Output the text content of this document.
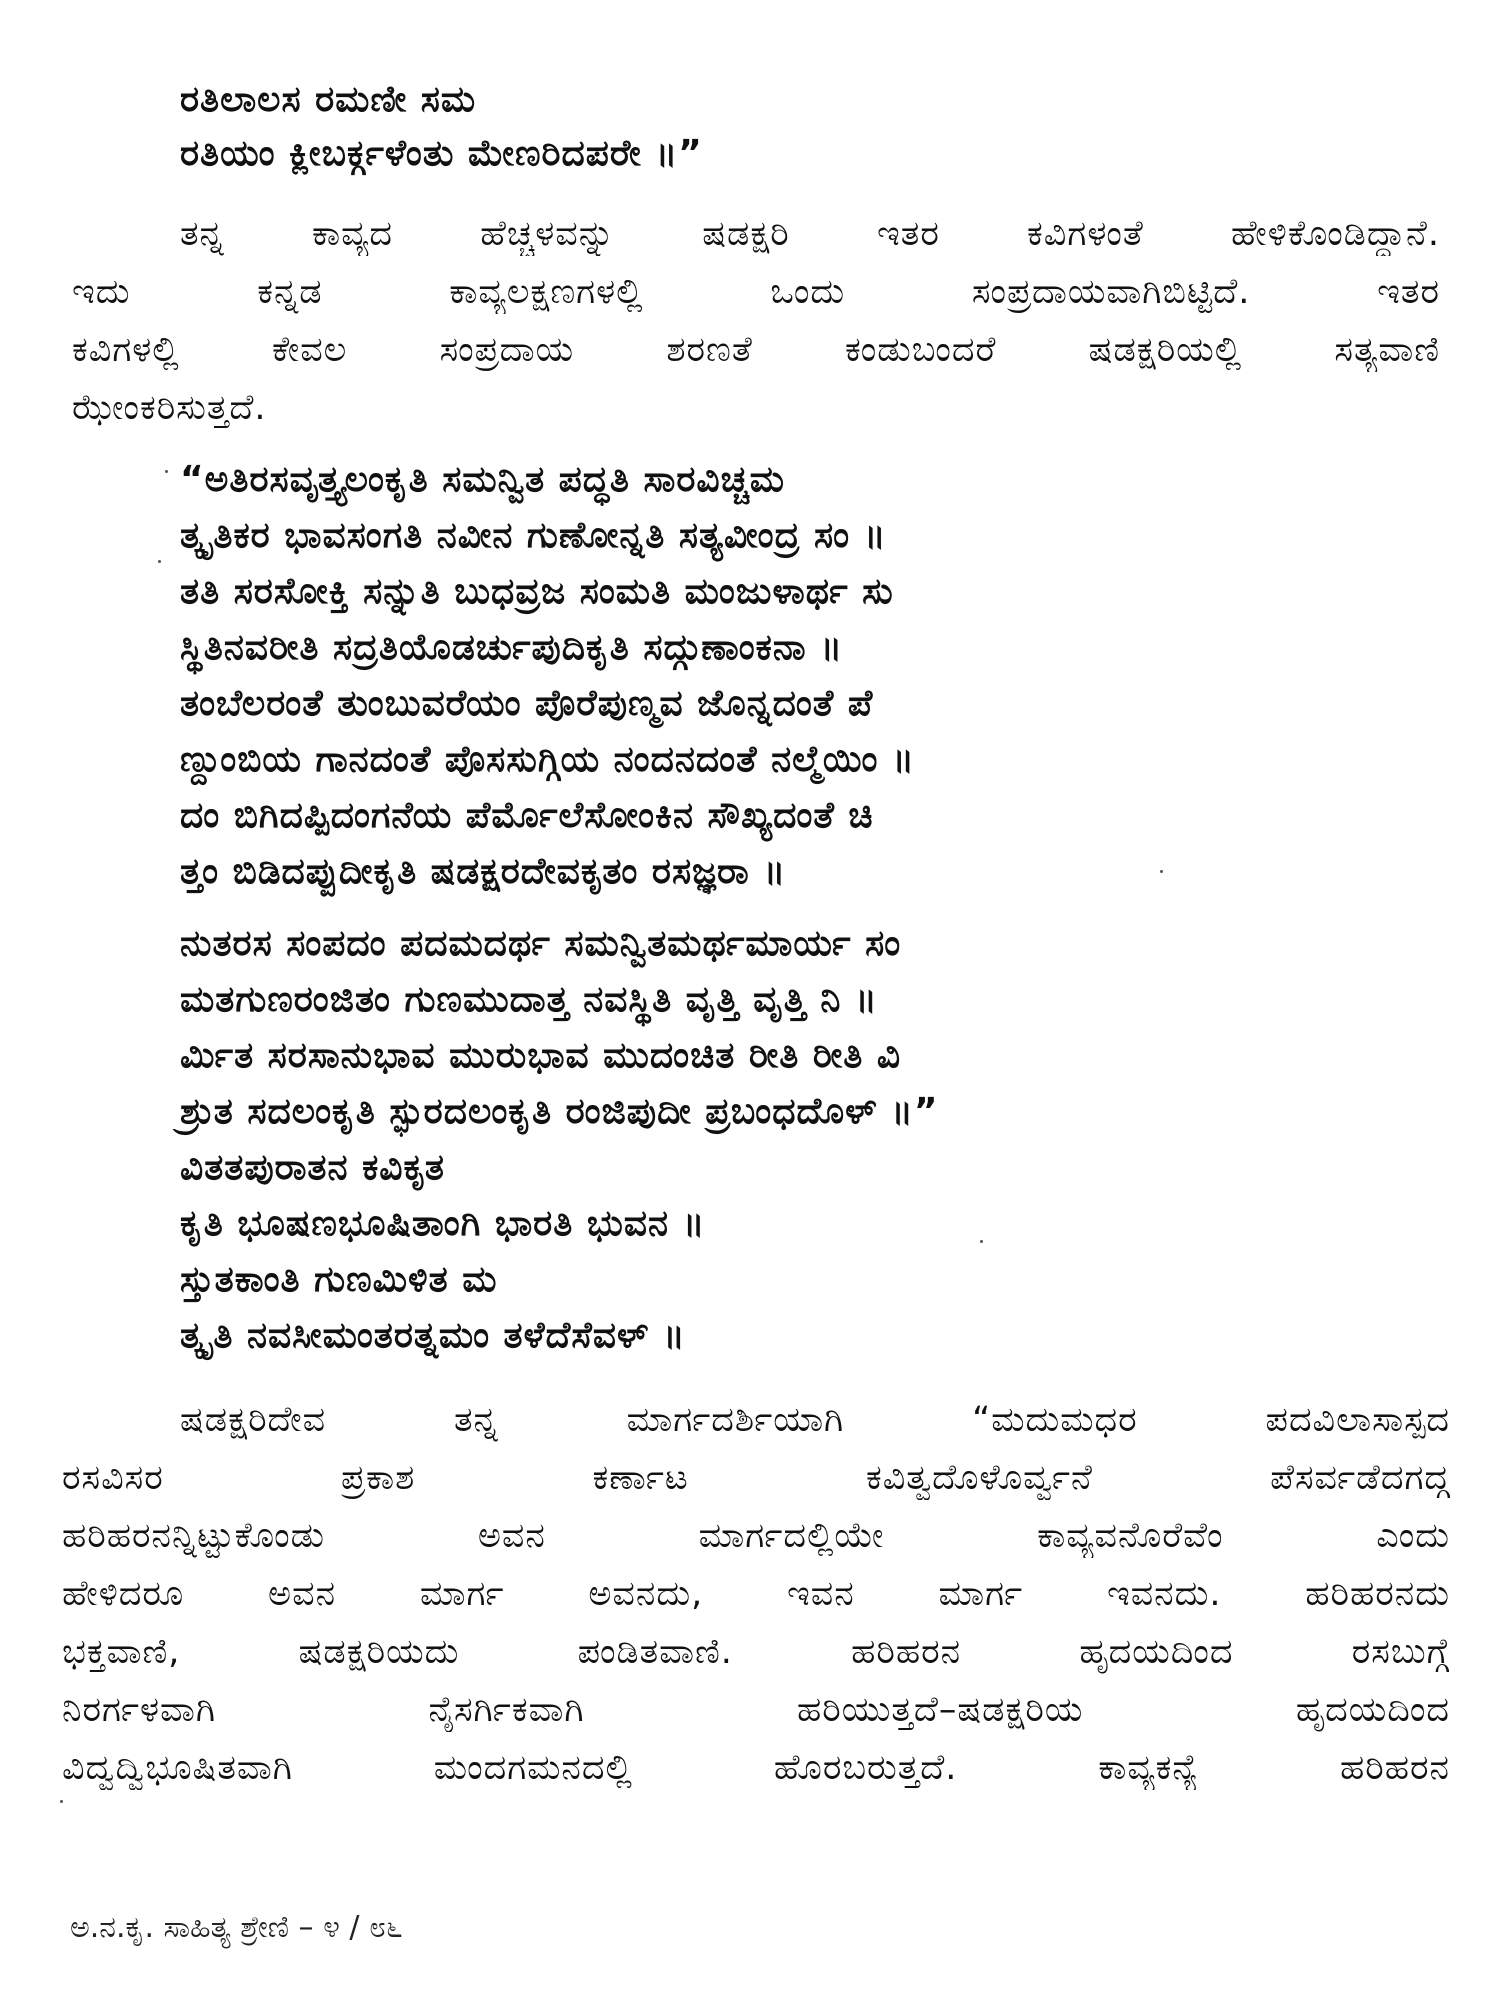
ರತಿಲಾಲಸ ರಮಣೀ ಸಮ
ರತಿಯಂ ಕ್ಲೀಬರ್ಕ್ಗಳೆಂತು ಮೇಣರಿದಪರೇ ॥”
ತನ್ನ ಕಾವ್ಯದ ಹೆಚ್ಚಳವನ್ನು ಷಡಕ್ಷರಿ ಇತರ ಕವಿಗಳಂತೆ ಹೇಳಿಕೊಂಡಿದ್ದಾನೆ.
ಇದು ಕನ್ನಡ ಕಾವ್ಯಲಕ್ಷಣಗಳಲ್ಲಿ ಒಂದು ಸಂಪ್ರದಾಯವಾಗಿಬಿಟ್ಟಿದೆ. ಇತರ
ಕವಿಗಳಲ್ಲಿ ಕೇವಲ ಸಂಪ್ರದಾಯ ಶರಣತೆ ಕಂಡುಬಂದರೆ ಷಡಕ್ಷರಿಯಲ್ಲಿ ಸತ್ಯವಾಣಿ
ಝೇಂಕರಿಸುತ್ತದೆ.
“ಅತಿರಸವೃತ್ತ್ಯಲಂಕೃತಿ ಸಮನ್ವಿತ ಪದ್ಧತಿ ಸಾರವಿಚ್ಚಮ
ತ್ಕೃತಿಕರ ಭಾವಸಂಗತಿ ನವೀನ ಗುಣೋನ್ನತಿ ಸತ್ಯವೀಂದ್ರ ಸಂ ॥
ತತಿ ಸರಸೋಕ್ತಿ ಸನ್ನುತಿ ಬುಧವ್ರಜ ಸಂಮತಿ ಮಂಜುಳಾರ್ಥ ಸು
ಸ್ಥಿತಿನವರೀತಿ ಸದ್ರತಿಯೊಡರ್ಚುಪುದಿಕೃತಿ ಸದ್ಗುಣಾಂಕನಾ ॥
ತಂಬೆಲರಂತೆ ತುಂಬುವರೆಯಂ ಪೊರೆಪುಣ್ಮವ ಜೊನ್ನದಂತೆ ಪೆ
ಣ್ದುಂಬಿಯ ಗಾನದಂತೆ ಪೊಸಸುಗ್ಗಿಯ ನಂದನದಂತೆ ನಲ್ಮೆಯಿಂ ॥
ದಂ ಬಿಗಿದಪ್ಪಿದಂಗನೆಯ ಪೆರ್ಮೊಲೆಸೋಂಕಿನ ಸೌಖ್ಯದಂತೆ ಚಿ
ತ್ತಂ ಬಿಡಿದಪ್ಪುದೀಕೃತಿ ಷಡಕ್ಷರದೇವಕೃತಂ ರಸಜ್ಞರಾ ॥
ನುತರಸ ಸಂಪದಂ ಪದಮದರ್ಥ ಸಮನ್ವಿತಮರ್ಥಮಾರ್ಯ ಸಂ
ಮತಗುಣರಂಜಿತಂ ಗುಣಮುದಾತ್ತ ನವಸ್ಥಿತಿ ವೃತ್ತಿ ವೃತ್ತಿ ನಿ ॥
ರ್ಮಿತ ಸರಸಾನುಭಾವ ಮುರುಭಾವ ಮುದಂಚಿತ ರೀತಿ ರೀತಿ ವಿ
ಶ್ರುತ ಸದಲಂಕೃತಿ ಸ್ಫುರದಲಂಕೃತಿ ರಂಜಿಪುದೀ ಪ್ರಬಂಧದೊಳ್ ॥”
ವಿತತಪುರಾತನ ಕವಿಕೃತ
ಕೃತಿ ಭೂಷಣಭೂಷಿತಾಂಗಿ ಭಾರತಿ ಭುವನ ॥
ಸ್ತುತಕಾಂತಿ ಗುಣಮಿಳಿತ ಮ
ತ್ಕೃತಿ ನವಸೀಮಂತರತ್ನಮಂ ತಳೆದೆಸೆವಳ್ ॥
ಷಡಕ್ಷರಿದೇವ ತನ್ನ ಮಾರ್ಗದರ್ಶಿಯಾಗಿ “ಮದುಮಧರ ಪದವಿಲಾಸಾಸ್ಪದ
ರಸವಿಸರ ಪ್ರಕಾಶ ಕರ್ಣಾಟ ಕವಿತ್ವದೊಳೊರ್ವ್ವನೆ ಪೆಸರ್ವಡೆದಗದ್ಗ
ಹರಿಹರನನ್ನಿಟ್ಟುಕೊಂಡು ಅವನ ಮಾರ್ಗದಲ್ಲಿಯೇ ಕಾವ್ಯವನೊರೆವೆಂ ಎಂದು
ಹೇಳಿದರೂ ಅವನ ಮಾರ್ಗ ಅವನದು, ಇವನ ಮಾರ್ಗ ಇವನದು. ಹರಿಹರನದು
ಭಕ್ತವಾಣಿ, ಷಡಕ್ಷರಿಯದು ಪಂಡಿತವಾಣಿ. ಹರಿಹರನ ಹೃದಯದಿಂದ ರಸಬುಗ್ಗೆ
ನಿರರ್ಗಳವಾಗಿ ನೈಸರ್ಗಿಕವಾಗಿ ಹರಿಯುತ್ತದೆ–ಷಡಕ್ಷರಿಯ ಹೃದಯದಿಂದ
ವಿದ್ವದ್ವಿಭೂಷಿತವಾಗಿ ಮಂದಗಮನದಲ್ಲಿ ಹೊರಬರುತ್ತದೆ. ಕಾವ್ಯಕನ್ಯೆ ಹರಿಹರನ
ಅ.ನ.ಕೃ. ಸಾಹಿತ್ಯ ಶ್ರೇಣಿ – ೪ / ೮೬
